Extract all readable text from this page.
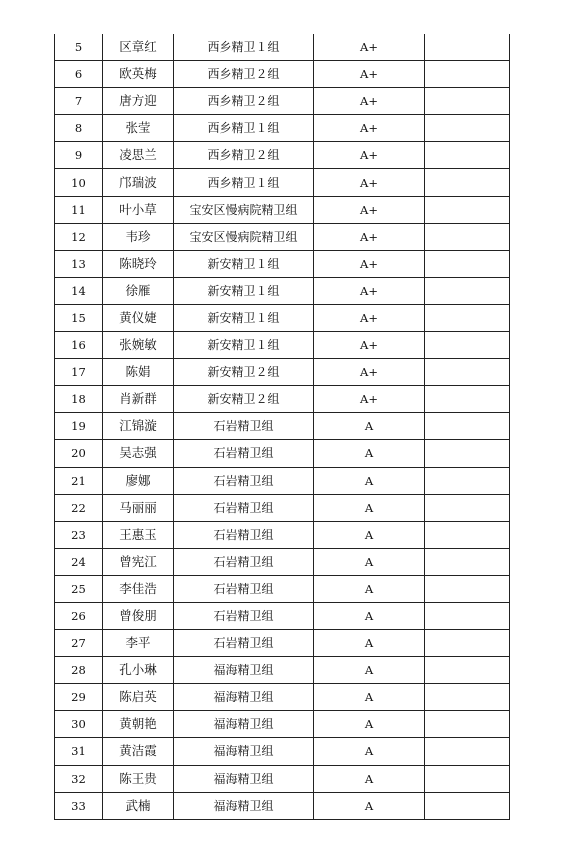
5	区章红	西乡精卫１组	A+	
6	欧英梅	西乡精卫２组	A+	
7	唐方迎	西乡精卫２组	A+	
8	张莹	西乡精卫１组	A+	
9	凌思兰	西乡精卫２组	A+	
10	邝瑞波	西乡精卫１组	A+	
11	叶小草	宝安区慢病院精卫组	A+	
12	韦珍	宝安区慢病院精卫组	A+	
13	陈晓玲	新安精卫１组	A+	
14	徐雁	新安精卫１组	A+	
15	黄仪婕	新安精卫１组	A+	
16	张婉敏	新安精卫１组	A+	
17	陈娟	新安精卫２组	A+	
18	肖新群	新安精卫２组	A+	
19	江锦漩	石岩精卫组	A	
20	吴志强	石岩精卫组	A	
21	廖娜	石岩精卫组	A	
22	马丽丽	石岩精卫组	A	
23	王惠玉	石岩精卫组	A	
24	曾宪江	石岩精卫组	A	
25	李佳浩	石岩精卫组	A	
26	曾俊朋	石岩精卫组	A	
27	李平	石岩精卫组	A	
28	孔小琳	福海精卫组	A	
29	陈启英	福海精卫组	A	
30	黄朝艳	福海精卫组	A	
31	黄洁霞	福海精卫组	A	
32	陈王贵	福海精卫组	A	
33	武楠	福海精卫组	A	
